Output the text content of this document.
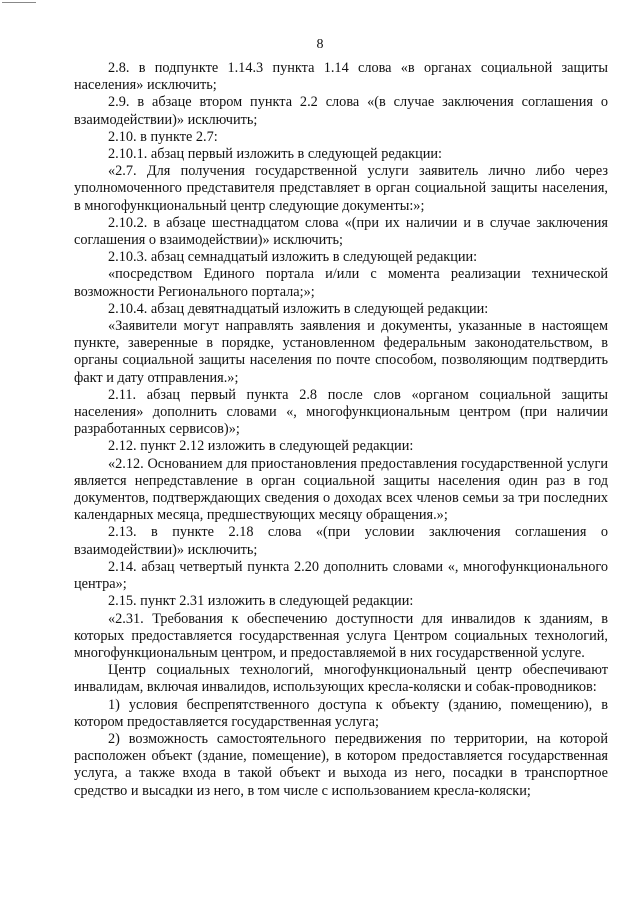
8

2.8. в подпункте 1.14.3 пункта 1.14 слова «в органах социальной защиты населения» исключить;

2.9. в абзаце втором пункта 2.2 слова «(в случае заключения соглашения о взаимодействии)» исключить;

2.10. в пункте 2.7:

2.10.1. абзац первый изложить в следующей редакции:

«2.7. Для получения государственной услуги заявитель лично либо через уполномоченного представителя представляет в орган социальной защиты населения, в многофункциональный центр следующие документы:»;

2.10.2. в абзаце шестнадцатом слова «(при их наличии и в случае заключения соглашения о взаимодействии)» исключить;

2.10.3. абзац семнадцатый изложить в следующей редакции:

«посредством Единого портала и/или с момента реализации технической возможности Регионального портала;»;

2.10.4. абзац девятнадцатый изложить в следующей редакции:

«Заявители могут направлять заявления и документы, указанные в настоящем пункте, заверенные в порядке, установленном федеральным законодательством, в органы социальной защиты населения по почте способом, позволяющим подтвердить факт и дату отправления.»;

2.11. абзац первый пункта 2.8 после слов «органом социальной защиты населения» дополнить словами «, многофункциональным центром (при наличии разработанных сервисов)»;

2.12. пункт 2.12 изложить в следующей редакции:

«2.12. Основанием для приостановления предоставления государственной услуги является непредставление в орган социальной защиты населения один раз в год документов, подтверждающих сведения о доходах всех членов семьи за три последних календарных месяца, предшествующих месяцу обращения.»;

2.13. в пункте 2.18 слова «(при условии заключения соглашения о взаимодействии)» исключить;

2.14. абзац четвертый пункта 2.20 дополнить словами «, многофункционального центра»;

2.15. пункт 2.31 изложить в следующей редакции:

«2.31. Требования к обеспечению доступности для инвалидов к зданиям, в которых предоставляется государственная услуга Центром социальных технологий, многофункциональным центром, и предоставляемой в них государственной услуге.

Центр социальных технологий, многофункциональный центр обеспечивают инвалидам, включая инвалидов, использующих кресла-коляски и собак-проводников:

1) условия беспрепятственного доступа к объекту (зданию, помещению), в котором предоставляется государственная услуга;

2) возможность самостоятельного передвижения по территории, на которой расположен объект (здание, помещение), в котором предоставляется государственная услуга, а также входа в такой объект и выхода из него, посадки в транспортное средство и высадки из него, в том числе с использованием кресла-коляски;
